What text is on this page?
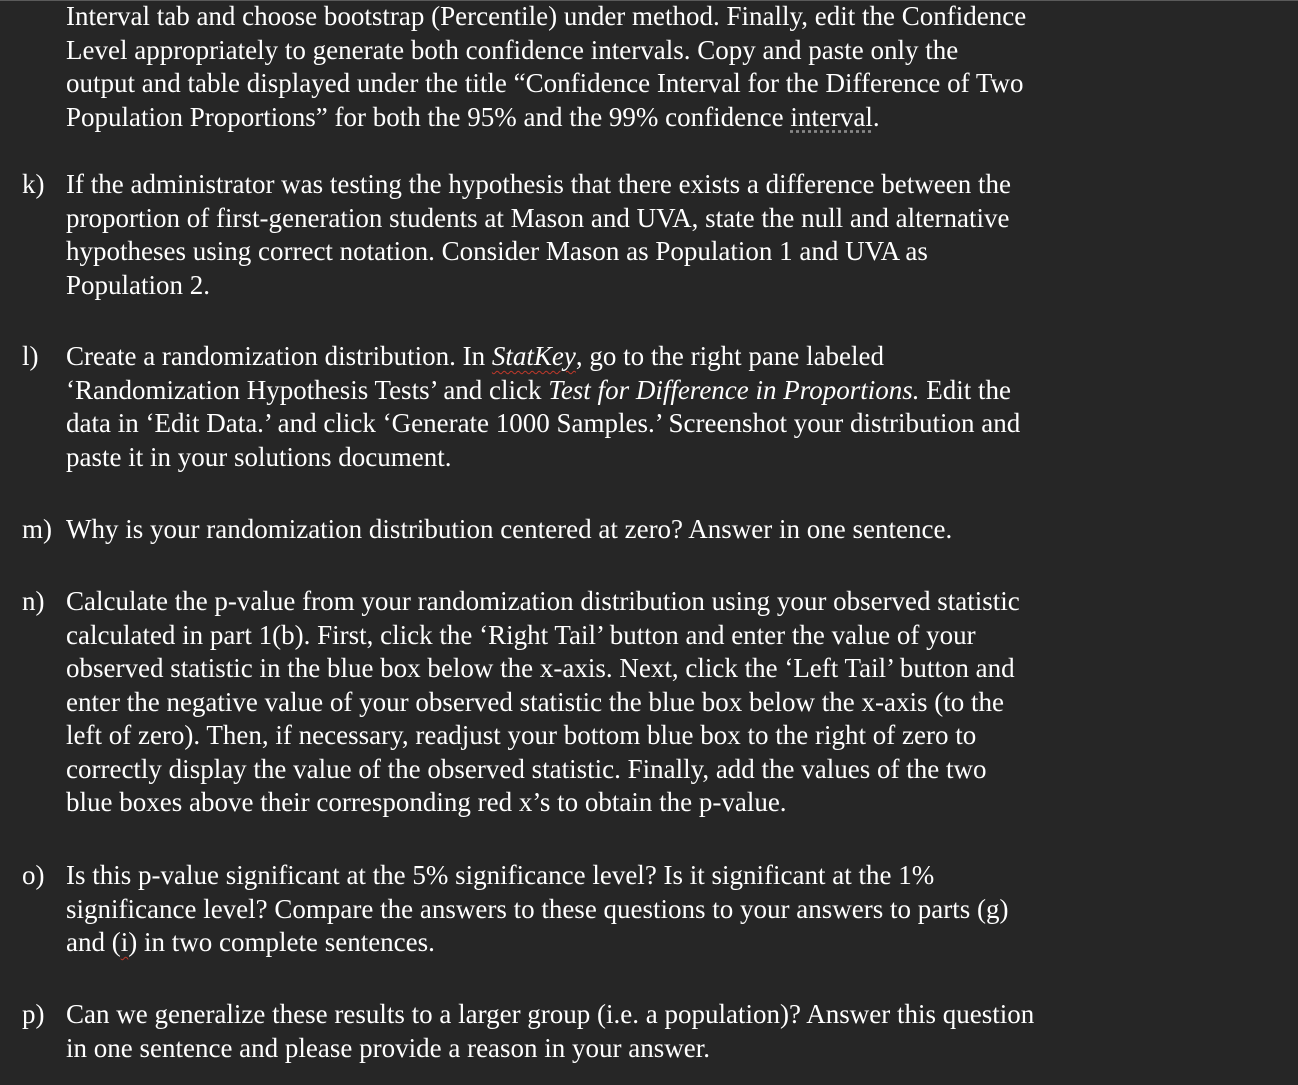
Interval tab and choose bootstrap (Percentile) under method. Finally, edit the Confidence
Level appropriately to generate both confidence intervals. Copy and paste only the
output and table displayed under the title “Confidence Interval for the Difference of Two
Population Proportions” for both the 95% and the 99% confidence interval.
k) If the administrator was testing the hypothesis that there exists a difference between the
proportion of first-generation students at Mason and UVA, state the null and alternative
hypotheses using correct notation. Consider Mason as Population 1 and UVA as
Population 2.
l)	Create a randomization distribution. In StatKey, go to the right pane labeled
‘Randomization Hypothesis Tests’ and click Test for Difference in Proportions. Edit the
data in ‘Edit Data.’ and click ‘Generate 1000 Samples.’ Screenshot your distribution and
paste it in your solutions document.
m) Why is your randomization distribution centered at zero? Answer in one sentence.
n) Calculate the p-value from your randomization distribution using your observed statistic
calculated in part 1(b). First, click the ‘Right Tail’ button and enter the value of your
observed statistic in the blue box below the x-axis. Next, click the ‘Left Tail’ button and
enter the negative value of your observed statistic the blue box below the x-axis (to the
left of zero). Then, if necessary, readjust your bottom blue box to the right of zero to
correctly display the value of the observed statistic. Finally, add the values of the two
blue boxes above their corresponding red x’s to obtain the p-value.
o) Is this p-value significant at the 5% significance level? Is it significant at the 1%
significance level? Compare the answers to these questions to your answers to parts (g)
and (i) in two complete sentences.
p) Can we generalize these results to a larger group (i.e. a population)? Answer this question
in one sentence and please provide a reason in your answer.
